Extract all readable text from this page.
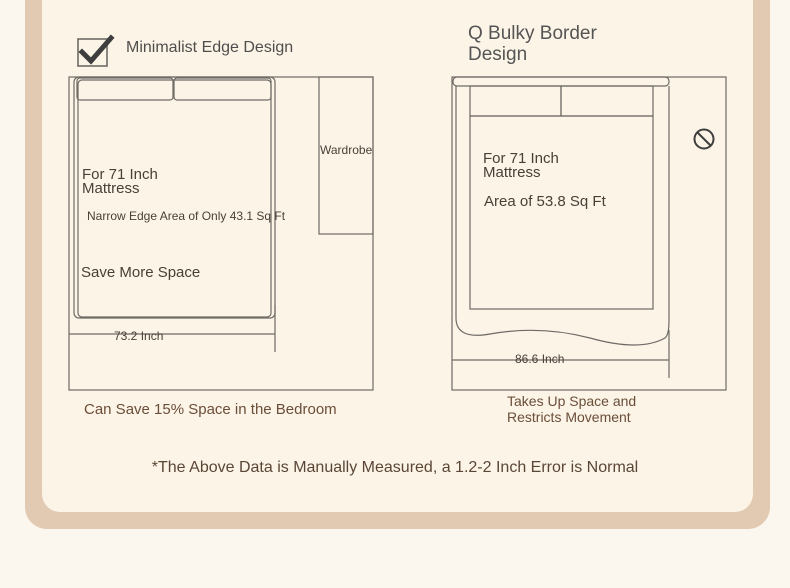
Minimalist Edge Design
Q Bulky Border Design
For 71 Inch Mattress
Narrow Edge Area of Only 43.1 Sq Ft
Save More Space
73.2 Inch
Wardrobe	For 71 Inch Mattress
Area of 53.8 Sq Ft
86.6 Inch
Can Save 15% Space in the Bedroom	Takes Up Space and Restricts Movement
*The Above Data is Manually Measured, a 1.2-2 Inch Error is Normal
